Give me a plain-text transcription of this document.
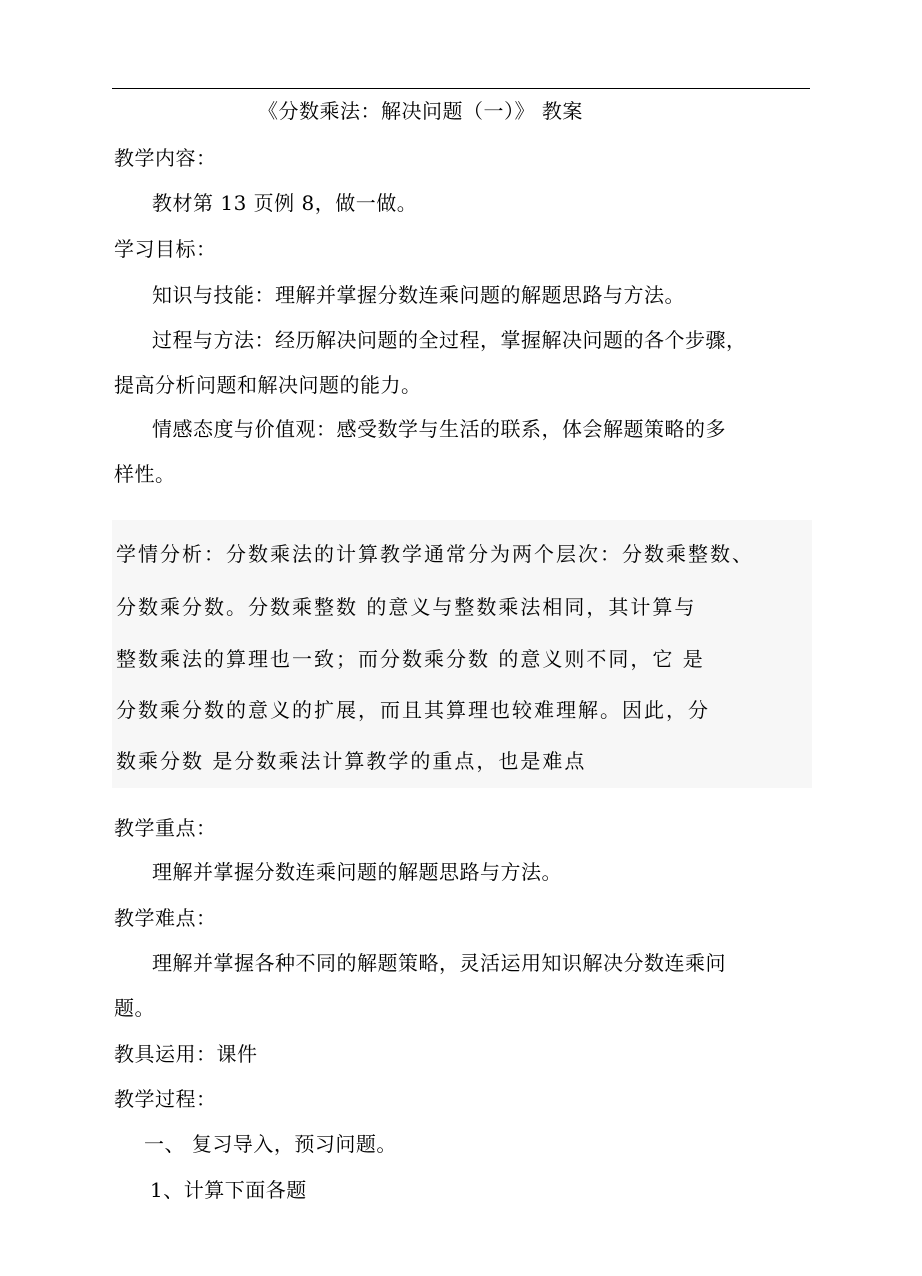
《分数乘法：解决问题（一）》 教案
教学内容：
教材第 13 页例 8，做一做。
学习目标：
知识与技能：理解并掌握分数连乘问题的解题思路与方法。
过程与方法：经历解决问题的全过程，掌握解决问题的各个步骤，
提高分析问题和解决问题的能力。
情感态度与价值观：感受数学与生活的联系，体会解题策略的多
样性。
学情分析：分数乘法的计算教学通常分为两个层次：分数乘整数、
分数乘分数。分数乘整数 的意义与整数乘法相同，其计算与
整数乘法的算理也一致；而分数乘分数 的意义则不同，它 是
分数乘分数的意义的扩展，而且其算理也较难理解。因此，分
数乘分数 是分数乘法计算教学的重点，也是难点
教学重点：
理解并掌握分数连乘问题的解题思路与方法。
教学难点：
理解并掌握各种不同的解题策略，灵活运用知识解决分数连乘问
题。
教具运用：课件
教学过程：
一、 复习导入，预习问题。
1、计算下面各题
